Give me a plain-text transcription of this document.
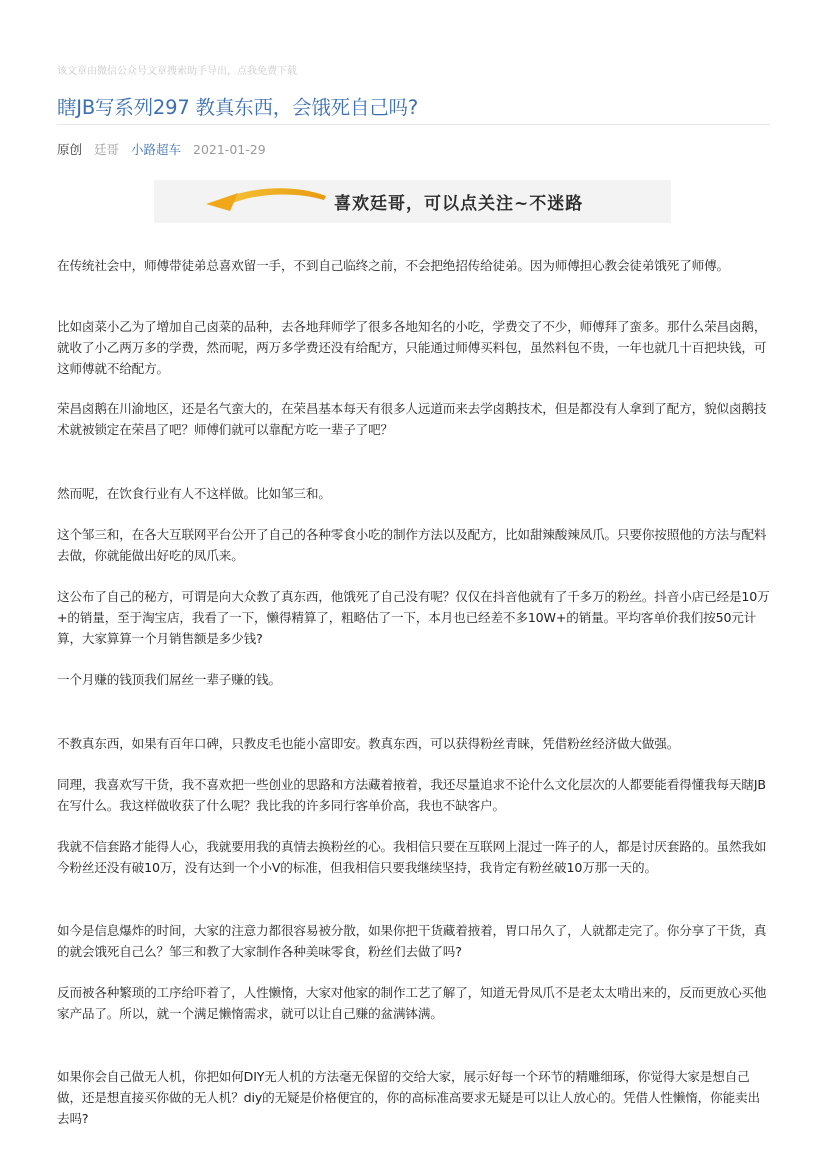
该文章由微信公众号文章搜索助手导出，点我免费下载
瞎JB写系列297 教真东西，会饿死自己吗?
原创 廷哥 小路超车 2021-01-29
喜欢廷哥，可以点关注~不迷路

在传统社会中，师傅带徒弟总喜欢留一手，不到自己临终之前，不会把绝招传给徒弟。因为师傅担心教会徒弟饿死了师傅。

比如卤菜小乙为了增加自己卤菜的品种，去各地拜师学了很多各地知名的小吃，学费交了不少，师傅拜了蛮多。那什么荣昌卤鹅，就收了小乙两万多的学费，然而呢，两万多学费还没有给配方，只能通过师傅买料包，虽然料包不贵，一年也就几十百把块钱，可这师傅就不给配方。

荣昌卤鹅在川渝地区，还是名气蛮大的，在荣昌基本每天有很多人远道而来去学卤鹅技术，但是都没有人拿到了配方，貌似卤鹅技术就被锁定在荣昌了吧？师傅们就可以靠配方吃一辈子了吧？

然而呢，在饮食行业有人不这样做。比如邹三和。

这个邹三和，在各大互联网平台公开了自己的各种零食小吃的制作方法以及配方，比如甜辣酸辣凤爪。只要你按照他的方法与配料去做，你就能做出好吃的凤爪来。

这公布了自己的秘方，可谓是向大众教了真东西，他饿死了自己没有呢？仅仅在抖音他就有了千多万的粉丝。抖音小店已经是10万+的销量，至于淘宝店，我看了一下，懒得精算了，粗略估了一下，本月也已经差不多10W+的销量。平均客单价我们按50元计算，大家算算一个月销售额是多少钱?

一个月赚的钱顶我们屌丝一辈子赚的钱。

不教真东西，如果有百年口碑，只教皮毛也能小富即安。教真东西，可以获得粉丝青睐，凭借粉丝经济做大做强。

同理，我喜欢写干货，我不喜欢把一些创业的思路和方法藏着掖着，我还尽量追求不论什么文化层次的人都要能看得懂我每天瞎JB在写什么。我这样做收获了什么呢？我比我的许多同行客单价高，我也不缺客户。

我就不信套路才能得人心，我就要用我的真情去换粉丝的心。我相信只要在互联网上混过一阵子的人，都是讨厌套路的。虽然我如今粉丝还没有破10万，没有达到一个小V的标准，但我相信只要我继续坚持，我肯定有粉丝破10万那一天的。

如今是信息爆炸的时间，大家的注意力都很容易被分散，如果你把干货藏着掖着，胃口吊久了，人就都走完了。你分享了干货，真的就会饿死自己么？邹三和教了大家制作各种美味零食，粉丝们去做了吗?

反而被各种繁琐的工序给吓着了，人性懒惰，大家对他家的制作工艺了解了，知道无骨凤爪不是老太太啃出来的，反而更放心买他家产品了。所以，就一个满足懒惰需求，就可以让自己赚的盆满钵满。

如果你会自己做无人机，你把如何DIY无人机的方法毫无保留的交给大家，展示好每一个环节的精雕细琢，你觉得大家是想自己做，还是想直接买你做的无人机？diy的无疑是价格便宜的，你的高标准高要求无疑是可以让人放心的。凭借人性懒惰，你能卖出去吗?
